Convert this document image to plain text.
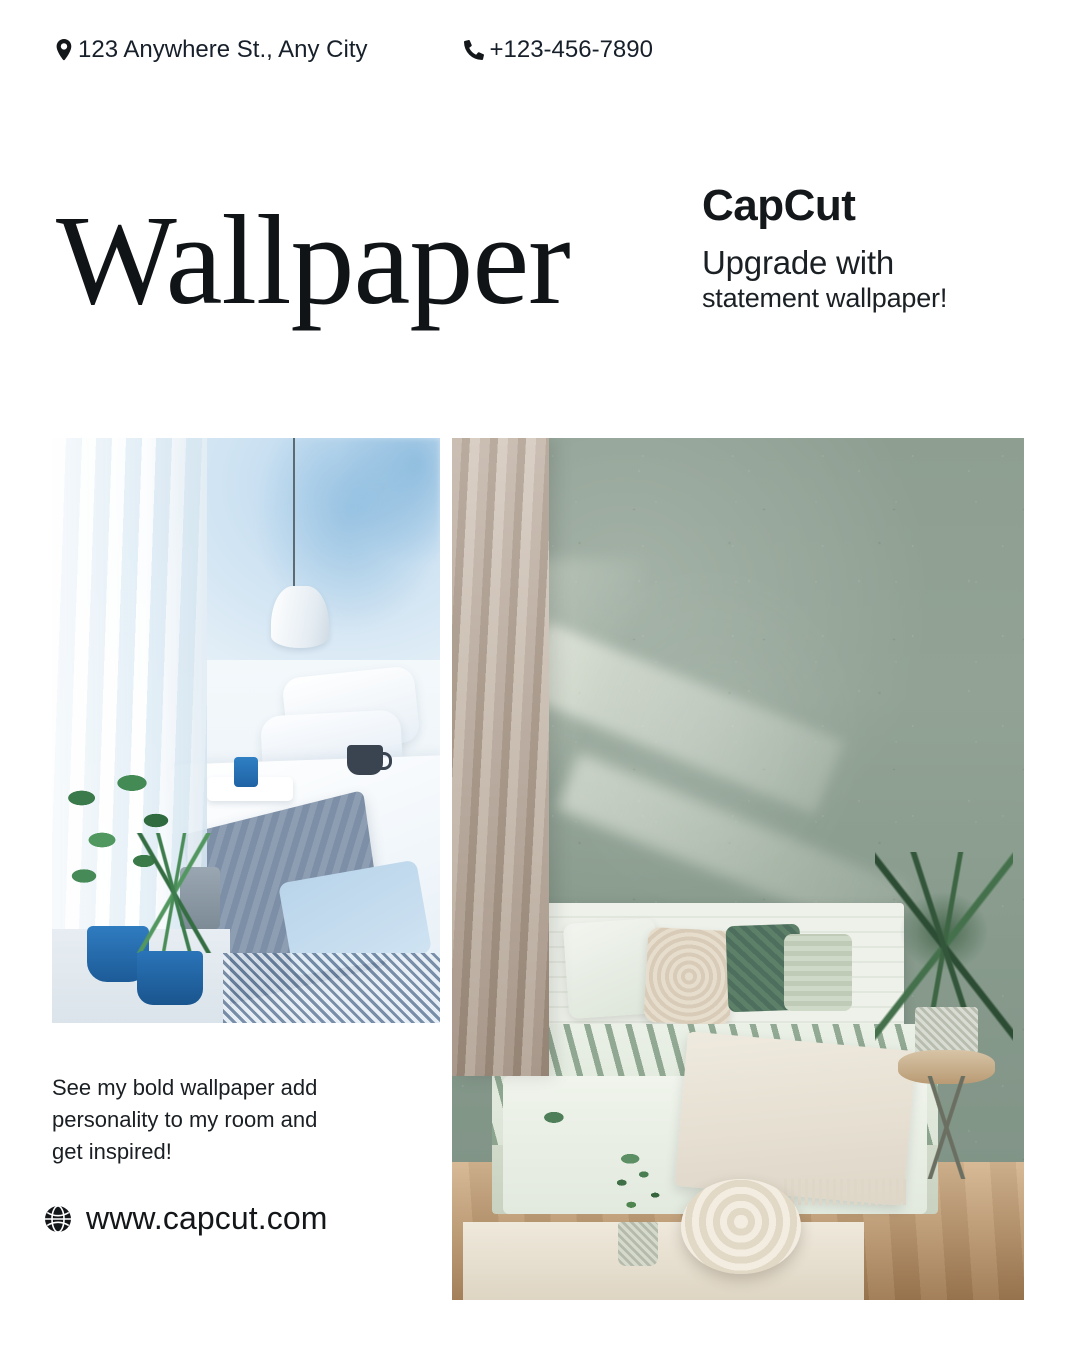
123 Anywhere St., Any City	+123-456-7890
Wallpaper	CapCut
Upgrade with
statement wallpaper!
See my bold wallpaper add personality to my room and get inspired!
www.capcut.com
